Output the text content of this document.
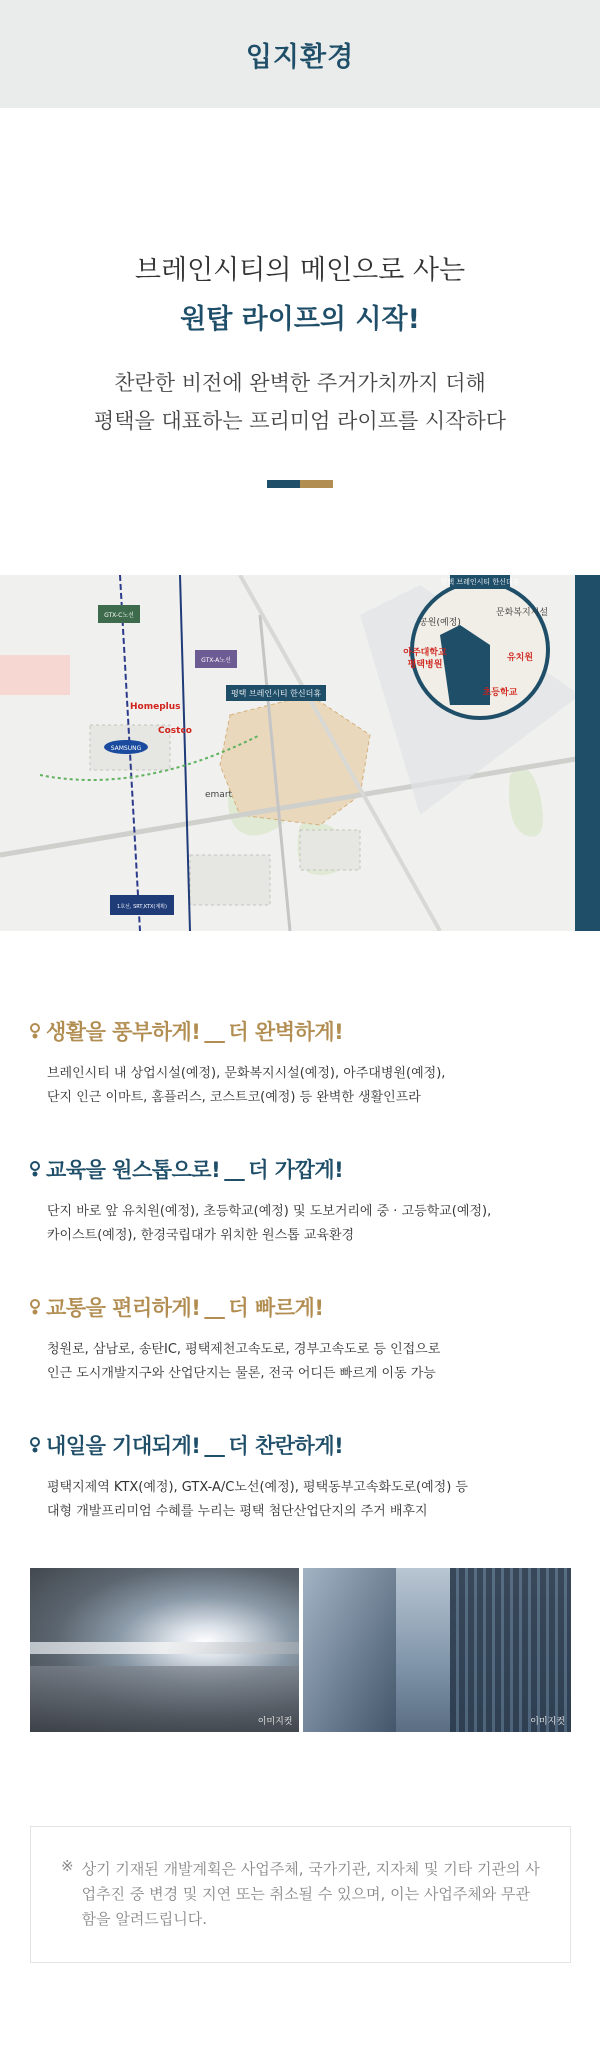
입지환경
브레인시티의 메인으로 사는
원탑 라이프의 시작!
찬란한 비전에 완벽한 주거가치까지 더해
평택을 대표하는 프리미엄 라이프를 시작하다
GTX-C노선
GTX-A노선
평택 브레인시티 한신더휴
Homeplus
Costco
SAMSUNG
emart
1호선, SRT,KTX(계획)
평택 브레인시티 한신더휴
공원(예정)
문화복지시설
아주대학교
평택병원
유치원
초등학교
생활을 풍부하게! __ 더 완벽하게!

브레인시티 내 상업시설(예정), 문화복지시설(예정), 아주대병원(예정),
단지 인근 이마트, 홈플러스, 코스트코(예정) 등 완벽한 생활인프라

교육을 원스톱으로! __ 더 가깝게!

단지 바로 앞 유치원(예정), 초등학교(예정) 및 도보거리에 중 · 고등학교(예정),
카이스트(예정), 한경국립대가 위치한 원스톱 교육환경

교통을 편리하게! __ 더 빠르게!

청원로, 삼남로, 송탄IC, 평택제천고속도로, 경부고속도로 등 인접으로
인근 도시개발지구와 산업단지는 물론, 전국 어디든 빠르게 이동 가능

내일을 기대되게! __ 더 찬란하게!

평택지제역 KTX(예정), GTX-A/C노선(예정), 평택동부고속화도로(예정) 등
대형 개발프리미엄 수혜를 누리는 평택 첨단산업단지의 주거 배후지

이미지컷	이미지컷
※ 상기 기재된 개발계획은 사업주체, 국가기관, 지자체 및 기타 기관의 사업추진 중 변경 및 지연 또는 취소될 수 있으며, 이는 사업주체와 무관함을 알려드립니다.
